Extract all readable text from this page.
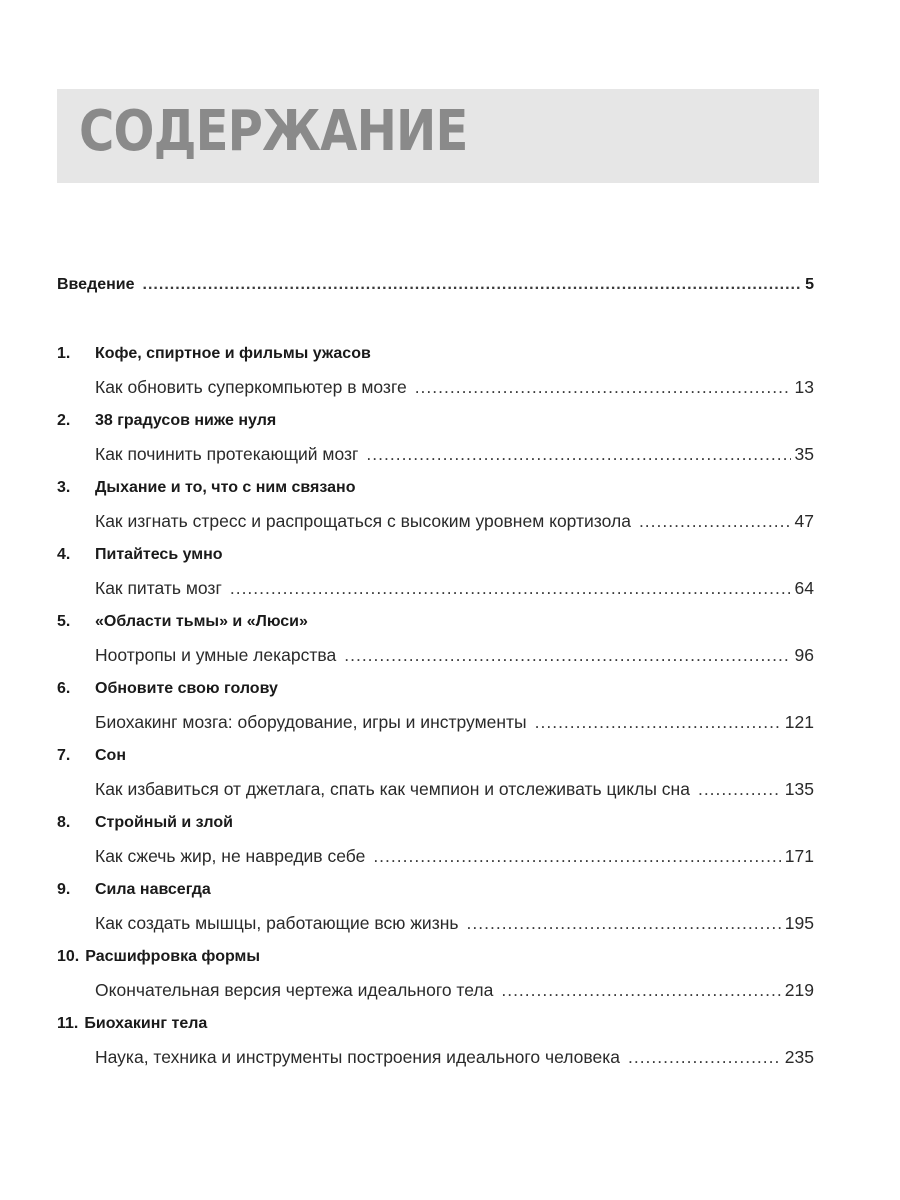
СОДЕРЖАНИЕ
Введение .....	5
1.	Кофе, спиртное и фильмы ужасов
Как обновить суперкомпьютер в мозге .....	13
2.	38 градусов ниже нуля
Как починить протекающий мозг .....	35
3.	Дыхание и то, что с ним связано
Как изгнать стресс и распрощаться с высоким уровнем кортизола .....	47
4.	Питайтесь умно
Как питать мозг .....	64
5.	«Области тьмы» и «Люси»
Ноотропы и умные лекарства .....	96
6.	Обновите свою голову
Биохакинг мозга: оборудование, игры и инструменты .....	121
7.	Сон
Как избавиться от джетлага, спать как чемпион и отслеживать циклы сна .....	135
8.	Стройный и злой
Как сжечь жир, не навредив себе .....	171
9.	Сила навсегда
Как создать мышцы, работающие всю жизнь .....	195
10. Расшифровка формы
Окончательная версия чертежа идеального тела .....	219
11. Биохакинг тела
Наука, техника и инструменты построения идеального человека .....	235
